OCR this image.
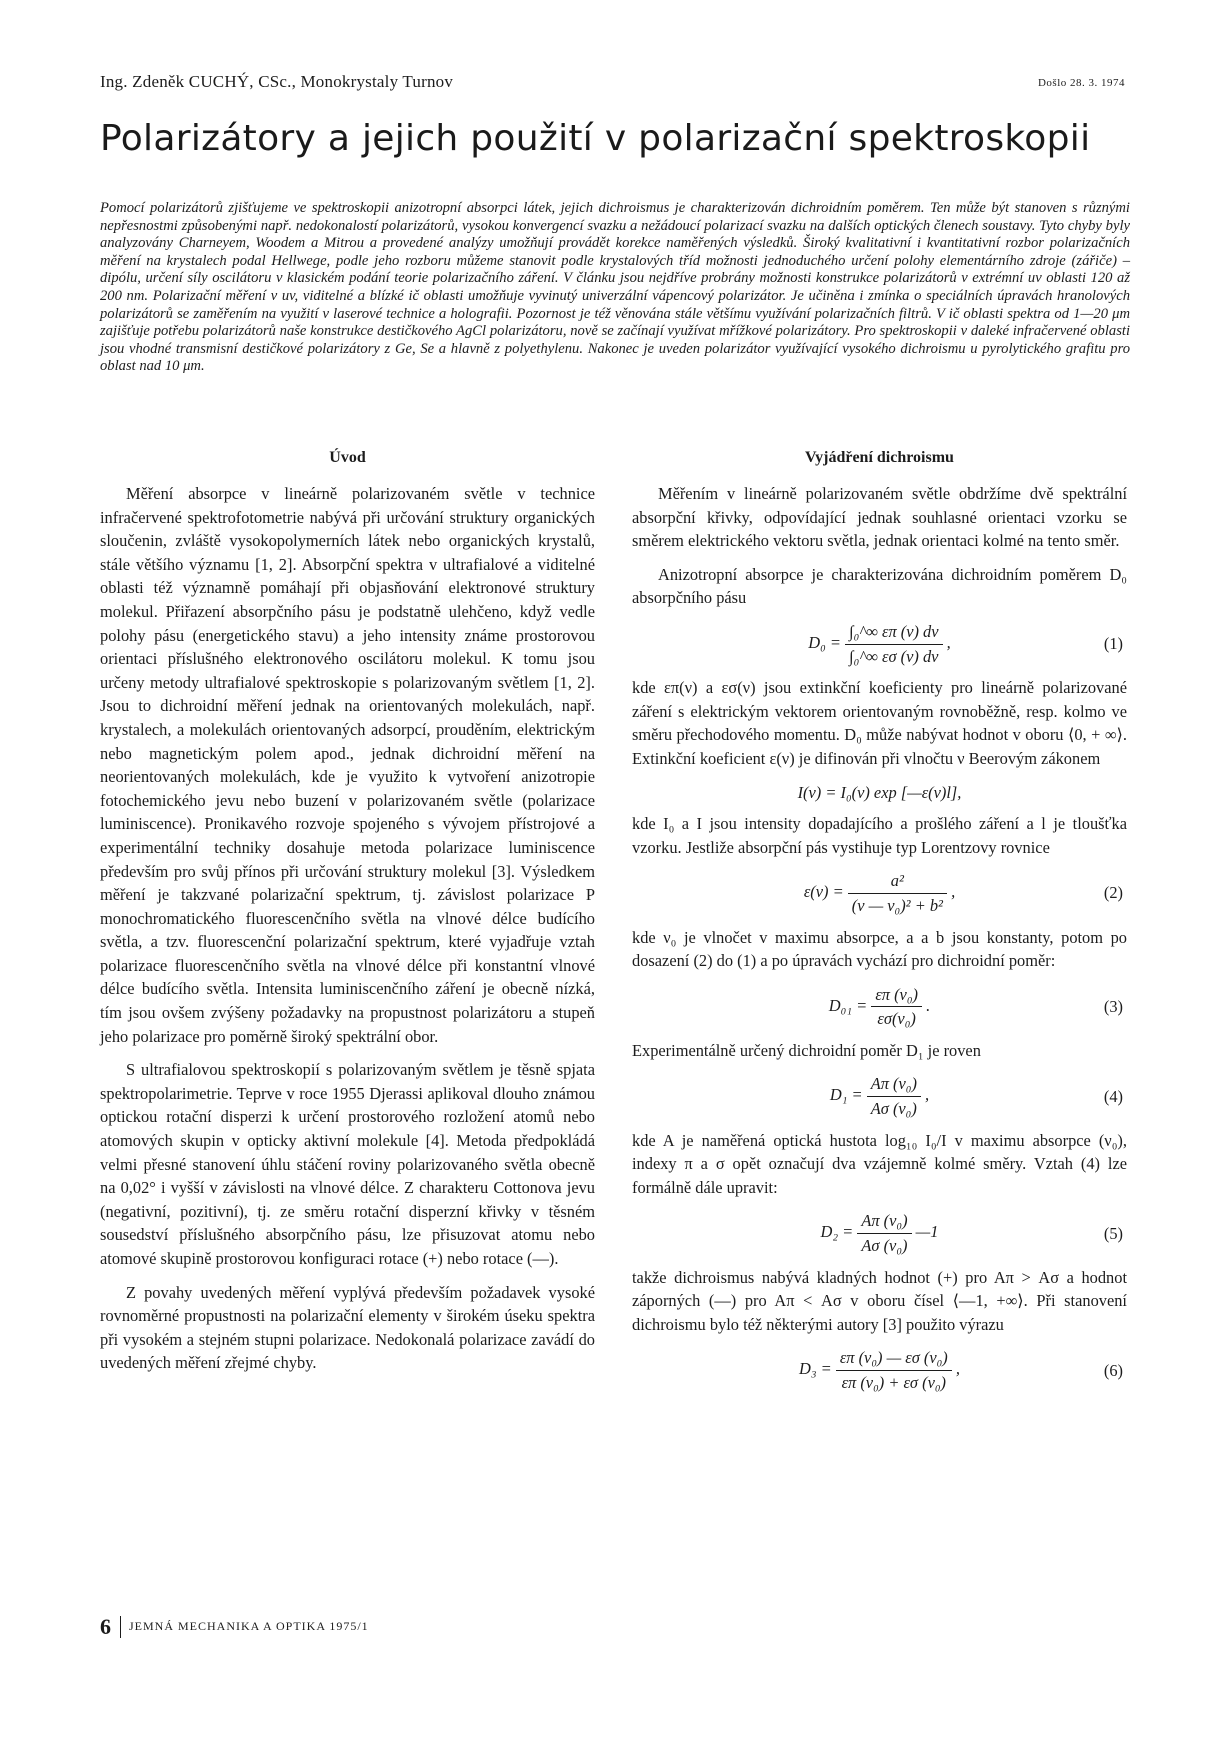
Ing. Zdeněk CUCHÝ, CSc., Monokrystaly Turnov	Došlo 28. 3. 1974
Polarizátory a jejich použití v polarizační spektroskopii
Pomocí polarizátorů zjišťujeme ve spektroskopii anizotropní absorpci látek, jejich dichroismus je charakterizován dichroidním poměrem. Ten může být stanoven s různými nepřesnostmi způsobenými např. nedokonalostí polarizátorů, vysokou konvergencí svazku a nežádoucí polarizací svazku na dalších optických členech soustavy. Tyto chyby byly analyzovány Charneyem, Woodem a Mitrou a provedené analýzy umožňují provádět korekce naměřených výsledků. Široký kvalitativní i kvantitativní rozbor polarizačních měření na krystalech podal Hellwege, podle jeho rozboru můžeme stanovit podle krystalových tříd možnosti jednoduchého určení polohy elementárního zdroje (zářiče) – dipólu, určení síly oscilátoru v klasickém podání teorie polarizačního záření. V článku jsou nejdříve probrány možnosti konstrukce polarizátorů v extrémní uv oblasti 120 až 200 nm. Polarizační měření v uv, viditelné a blízké ič oblasti umožňuje vyvinutý univerzální vápencový polarizátor. Je učiněna i zmínka o speciálních úpravách hranolových polarizátorů se zaměřením na využití v laserové technice a holografii. Pozornost je též věnována stále většímu využívání polarizačních filtrů. V ič oblasti spektra od 1—20 μm zajišťuje potřebu polarizátorů naše konstrukce destičkového AgCl polarizátoru, nově se začínají využívat mřížkové polarizátory. Pro spektroskopii v daleké infračervené oblasti jsou vhodné transmisní destičkové polarizátory z Ge, Se a hlavně z polyethylenu. Nakonec je uveden polarizátor využívající vysokého dichroismu u pyrolytického grafitu pro oblast nad 10 μm.
Úvod

Měření absorpce v lineárně polarizovaném světle v technice infračervené spektrofotometrie nabývá při určování struktury organických sloučenin, zvláště vysokopolymerních látek nebo organických krystalů, stále většího významu [1, 2]. Absorpční spektra v ultrafialové a viditelné oblasti též významně pomáhají při objasňování elektronové struktury molekul. Přiřazení absorpčního pásu je podstatně ulehčeno, když vedle polohy pásu (energetického stavu) a jeho intensity známe prostorovou orientaci příslušného elektronového oscilátoru molekul. K tomu jsou určeny metody ultrafialové spektroskopie s polarizovaným světlem [1, 2]. Jsou to dichroidní měření jednak na orientovaných molekulách, např. krystalech, a molekulách orientovaných adsorpcí, prouděním, elektrickým nebo magnetickým polem apod., jednak dichroidní měření na neorientovaných molekulách, kde je využito k vytvoření anizotropie fotochemického jevu nebo buzení v polarizovaném světle (polarizace luminiscence). Pronikavého rozvoje spojeného s vývojem přístrojové a experimentální techniky dosahuje metoda polarizace luminiscence především pro svůj přínos při určování struktury molekul [3]. Výsledkem měření je takzvané polarizační spektrum, tj. závislost polarizace P monochromatického fluorescenčního světla na vlnové délce budícího světla, a tzv. fluorescenční polarizační spektrum, které vyjadřuje vztah polarizace fluorescenčního světla na vlnové délce při konstantní vlnové délce budícího světla. Intensita luminiscenčního záření je obecně nízká, tím jsou ovšem zvýšeny požadavky na propustnost polarizátoru a stupeň jeho polarizace pro poměrně široký spektrální obor.

S ultrafialovou spektroskopií s polarizovaným světlem je těsně spjata spektropolarimetrie. Teprve v roce 1955 Djerassi aplikoval dlouho známou optickou rotační disperzi k určení prostorového rozložení atomů nebo atomových skupin v opticky aktivní molekule [4]. Metoda předpokládá velmi přesné stanovení úhlu stáčení roviny polarizovaného světla obecně na 0,02° i vyšší v závislosti na vlnové délce. Z charakteru Cottonova jevu (negativní, pozitivní), tj. ze směru rotační disperzní křivky v těsném sousedství příslušného absorpčního pásu, lze přisuzovat atomu nebo atomové skupině prostorovou konfiguraci rotace (+) nebo rotace (—).

Z povahy uvedených měření vyplývá především požadavek vysoké rovnoměrné propustnosti na polarizační elementy v širokém úseku spektra při vysokém a stejném stupni polarizace. Nedokonalá polarizace zavádí do uvedených měření zřejmé chyby.

Vyjádření dichroismu

Měřením v lineárně polarizovaném světle obdržíme dvě spektrální absorpční křivky, odpovídající jednak souhlasné orientaci vzorku se směrem elektrického vektoru světla, jednak orientaci kolmé na tento směr.

Anizotropní absorpce je charakterizována dichroidním poměrem D₀ absorpčního pásu

$D_0 = \frac{\text{∫₀\textasciicircum{}∞ επ (ν) dν}}{\text{∫₀\textasciicircum{}∞ εσ (ν) dν}}$ ,	(1)

kde επ(ν) a εσ(ν) jsou extinkční koeficienty pro lineárně polarizované záření s elektrickým vektorem orientovaným rovnoběžně, resp. kolmo ve směru přechodového momentu. D₀ může nabývat hodnot v oboru ⟨0, + ∞⟩. Extinkční koeficient ε(ν) je difinován při vlnočtu ν Beerovým zákonem

I(ν) = I₀(ν) exp [—ε(ν)l],

kde I₀ a I jsou intensity dopadajícího a prošlého záření a l je tloušťka vzorku. Jestliže absorpční pás vystihuje typ Lorentzovy rovnice

$\varepsilon(\nu) = \frac{\text{a²}}{\text{(ν — ν₀)² + b²}}$ ,	(2)

kde ν₀ je vlnočet v maximu absorpce, a a b jsou konstanty, potom po dosazení (2) do (1) a po úpravách vychází pro dichroidní poměr:

$D_{01} = \frac{\text{επ (ν₀)}}{\text{εσ(ν₀)}}$ .	(3)

Experimentálně určený dichroidní poměr D₁ je roven

$D_1 = \frac{\text{Aπ (ν₀)}}{\text{Aσ (ν₀)}}$ ,	(4)

kde A je naměřená optická hustota log₁₀ I₀/I v maximu absorpce (ν₀), indexy π a σ opět označují dva vzájemně kolmé směry. Vztah (4) lze formálně dále upravit:

$D_2 = \frac{\text{Aπ (ν₀)}}{\text{Aσ (ν₀)}}$ —1	(5)

takže dichroismus nabývá kladných hodnot (+) pro Aπ > Aσ a hodnot záporných (—) pro Aπ < Aσ v oboru čísel ⟨—1, +∞⟩. Při stanovení dichroismu bylo též některými autory [3] použito výrazu

$D_3 = \frac{\text{επ (ν₀) — εσ (ν₀)}}{\text{επ (ν₀) + εσ (ν₀)}}$ ,	(6)
6 JEMNÁ MECHANIKA A OPTIKA 1975/1
